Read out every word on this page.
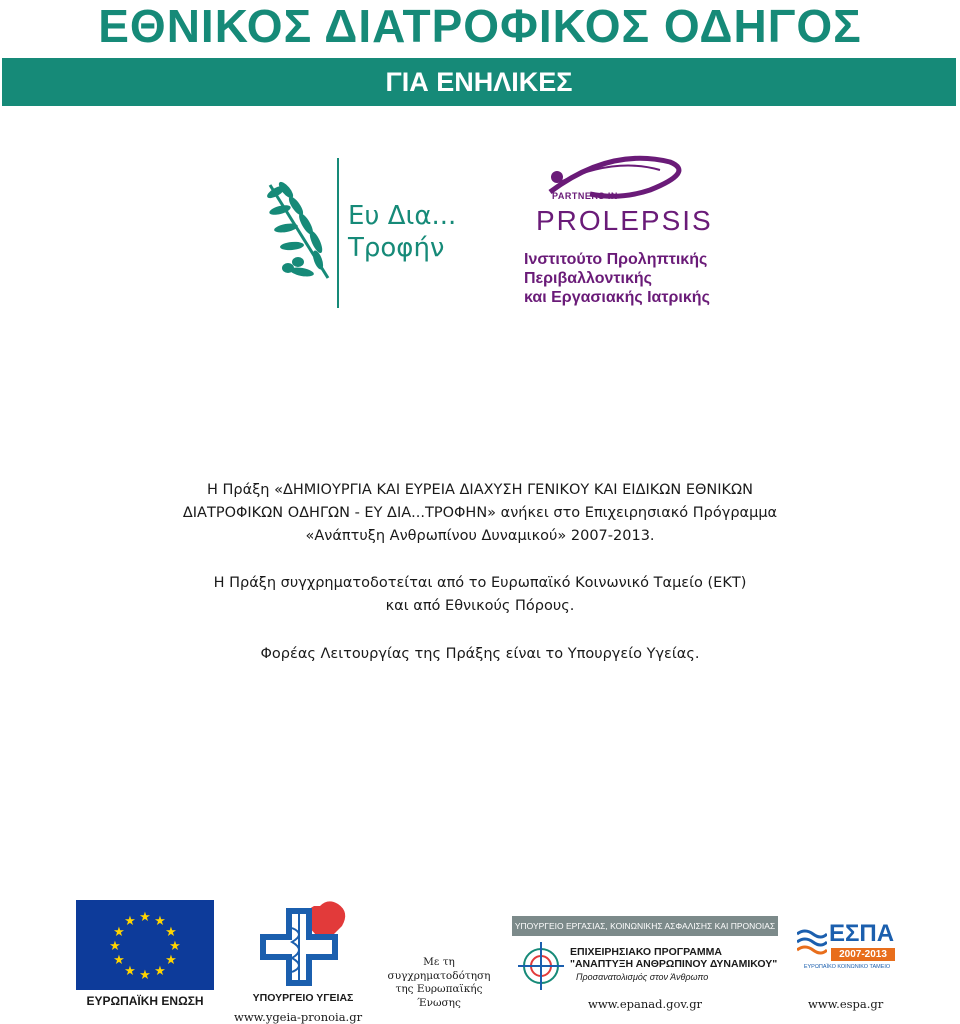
ΕΘΝΙΚΟΣ ΔΙΑΤΡΟΦΙΚΟΣ ΟΔΗΓΟΣ
ΓΙΑ ΕΝΗΛΙΚΕΣ
Ευ Δια...
Τροφήν
PARTNERS IN
PROLEPSIS
Ινστιτούτο Προληπτικής
Περιβαλλοντικής
και Εργασιακής Ιατρικής
Η Πράξη «ΔΗΜΙΟΥΡΓΙΑ ΚΑΙ ΕΥΡΕΙΑ ΔΙΑΧΥΣΗ ΓΕΝΙΚΟΥ ΚΑΙ ΕΙΔΙΚΩΝ ΕΘΝΙΚΩΝ
ΔΙΑΤΡΟΦΙΚΩΝ ΟΔΗΓΩΝ - ΕΥ ΔΙΑ...ΤΡΟΦΗΝ» ανήκει στο Επιχειρησιακό Πρόγραμμα
«Ανάπτυξη Ανθρωπίνου Δυναμικού» 2007-2013.
Η Πράξη συγχρηματοδοτείται από το Ευρωπαϊκό Κοινωνικό Ταμείο (ΕΚΤ)
και από Εθνικούς Πόρους.
Φορέας Λειτουργίας της Πράξης είναι το Υπουργείο Υγείας.
★ ★
★
★
★
★
★
★
★
★
★
★
ΕΥΡΩΠΑΪΚΗ ΕΝΩΣΗ	ΥΠΟΥΡΓΕΙΟ ΥΓΕΙΑΣ
www.ygeia-pronoia.gr
Με τη
συγχρηματοδότηση
της Ευρωπαϊκής
Ένωσης
ΥΠΟΥΡΓΕΙΟ ΕΡΓΑΣΙΑΣ, ΚΟΙΝΩΝΙΚΗΣ ΑΣΦΑΛΙΣΗΣ ΚΑΙ ΠΡΟΝΟΙΑΣ
ΕΠΙΧΕΙΡΗΣΙΑΚΟ ΠΡΟΓΡΑΜΜΑ
"ΑΝΑΠΤΥΞΗ ΑΝΘΡΩΠΙΝΟΥ ΔΥΝΑΜΙΚΟΥ"
Προσανατολισμός στον Άνθρωπο
www.epanad.gov.gr
ΕΣΠΑ
2007-2013
ΕΥΡΩΠΑΪΚΟ ΚΟΙΝΩΝΙΚΟ ΤΑΜΕΙΟ
www.espa.gr
